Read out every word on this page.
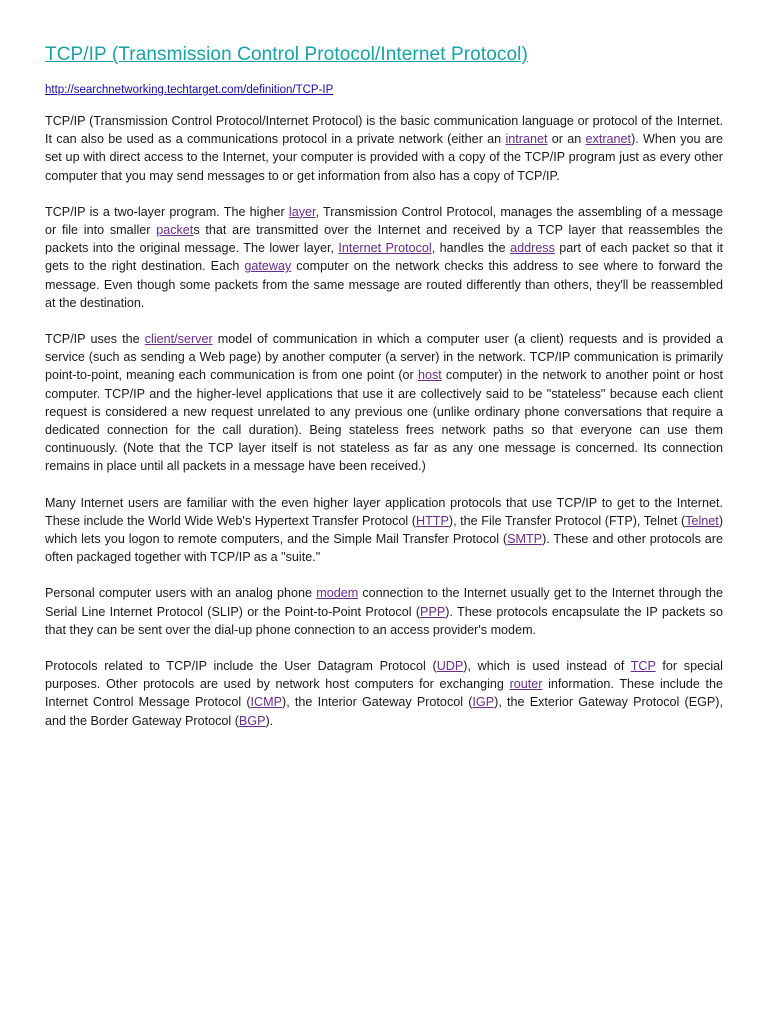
TCP/IP (Transmission Control Protocol/Internet Protocol)
http://searchnetworking.techtarget.com/definition/TCP-IP

TCP/IP (Transmission Control Protocol/Internet Protocol) is the basic communication language or protocol of the Internet. It can also be used as a communications protocol in a private network (either an intranet or an extranet). When you are set up with direct access to the Internet, your computer is provided with a copy of the TCP/IP program just as every other computer that you may send messages to or get information from also has a copy of TCP/IP.

TCP/IP is a two-layer program. The higher layer, Transmission Control Protocol, manages the assembling of a message or file into smaller packets that are transmitted over the Internet and received by a TCP layer that reassembles the packets into the original message. The lower layer, Internet Protocol, handles the address part of each packet so that it gets to the right destination. Each gateway computer on the network checks this address to see where to forward the message. Even though some packets from the same message are routed differently than others, they'll be reassembled at the destination.

TCP/IP uses the client/server model of communication in which a computer user (a client) requests and is provided a service (such as sending a Web page) by another computer (a server) in the network. TCP/IP communication is primarily point-to-point, meaning each communication is from one point (or host computer) in the network to another point or host computer. TCP/IP and the higher-level applications that use it are collectively said to be "stateless" because each client request is considered a new request unrelated to any previous one (unlike ordinary phone conversations that require a dedicated connection for the call duration). Being stateless frees network paths so that everyone can use them continuously. (Note that the TCP layer itself is not stateless as far as any one message is concerned. Its connection remains in place until all packets in a message have been received.)

Many Internet users are familiar with the even higher layer application protocols that use TCP/IP to get to the Internet. These include the World Wide Web's Hypertext Transfer Protocol (HTTP), the File Transfer Protocol (FTP), Telnet (Telnet) which lets you logon to remote computers, and the Simple Mail Transfer Protocol (SMTP). These and other protocols are often packaged together with TCP/IP as a "suite."

Personal computer users with an analog phone modem connection to the Internet usually get to the Internet through the Serial Line Internet Protocol (SLIP) or the Point-to-Point Protocol (PPP). These protocols encapsulate the IP packets so that they can be sent over the dial-up phone connection to an access provider's modem.

Protocols related to TCP/IP include the User Datagram Protocol (UDP), which is used instead of TCP for special purposes. Other protocols are used by network host computers for exchanging router information. These include the Internet Control Message Protocol (ICMP), the Interior Gateway Protocol (IGP), the Exterior Gateway Protocol (EGP), and the Border Gateway Protocol (BGP).
